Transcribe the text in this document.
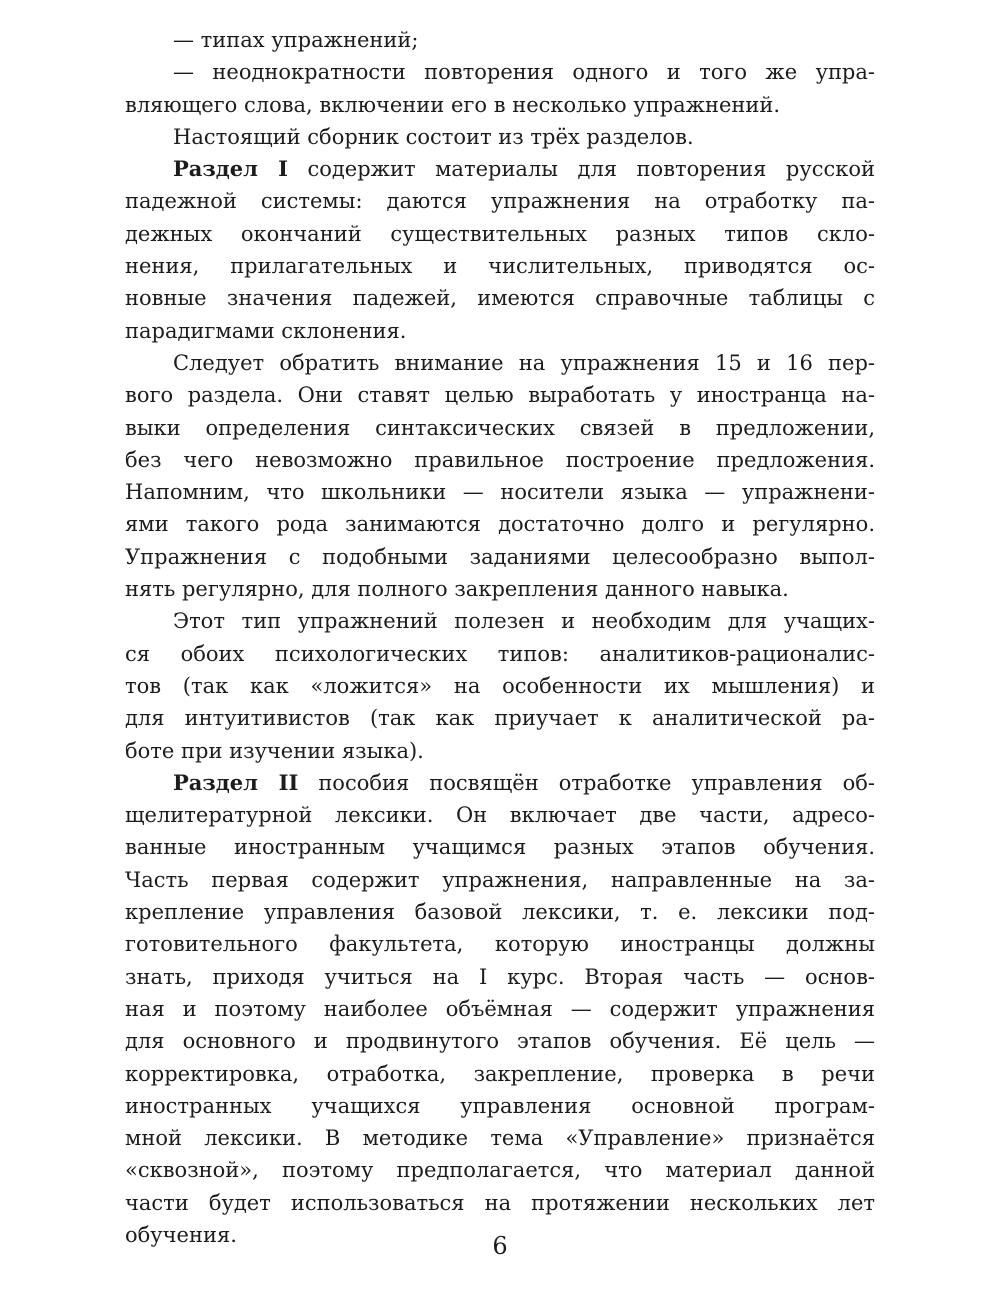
— типах упражнений;
— неоднократности повторения одного и того же упра-
вляющего слова, включении его в несколько упражнений.
Настоящий сборник состоит из трёх разделов.
Раздел I содержит материалы для повторения русской
падежной системы: даются упражнения на отработку па-
дежных окончаний существительных разных типов скло-
нения, прилагательных и числительных, приводятся ос-
новные значения падежей, имеются справочные таблицы с
парадигмами склонения.
Следует обратить внимание на упражнения 15 и 16 пер-
вого раздела. Они ставят целью выработать у иностранца на-
выки определения синтаксических связей в предложении,
без чего невозможно правильное построение предложения.
Напомним, что школьники — носители языка — упражнени-
ями такого рода занимаются достаточно долго и регулярно.
Упражнения с подобными заданиями целесообразно выпол-
нять регулярно, для полного закрепления данного навыка.
Этот тип упражнений полезен и необходим для учащих-
ся обоих психологических типов: аналитиков-рационалис-
тов (так как «ложится» на особенности их мышления) и
для интуитивистов (так как приучает к аналитической ра-
боте при изучении языка).
Раздел II пособия посвящён отработке управления об-
щелитературной лексики. Он включает две части, адресо-
ванные иностранным учащимся разных этапов обучения.
Часть первая содержит упражнения, направленные на за-
крепление управления базовой лексики, т. е. лексики под-
готовительного факультета, которую иностранцы должны
знать, приходя учиться на I курс. Вторая часть — основ-
ная и поэтому наиболее объёмная — содержит упражнения
для основного и продвинутого этапов обучения. Её цель —
корректировка, отработка, закрепление, проверка в речи
иностранных учащихся управления основной програм-
мной лексики. В методике тема «Управление» признаётся
«сквозной», поэтому предполагается, что материал данной
части будет использоваться на протяжении нескольких лет
обучения.	6
